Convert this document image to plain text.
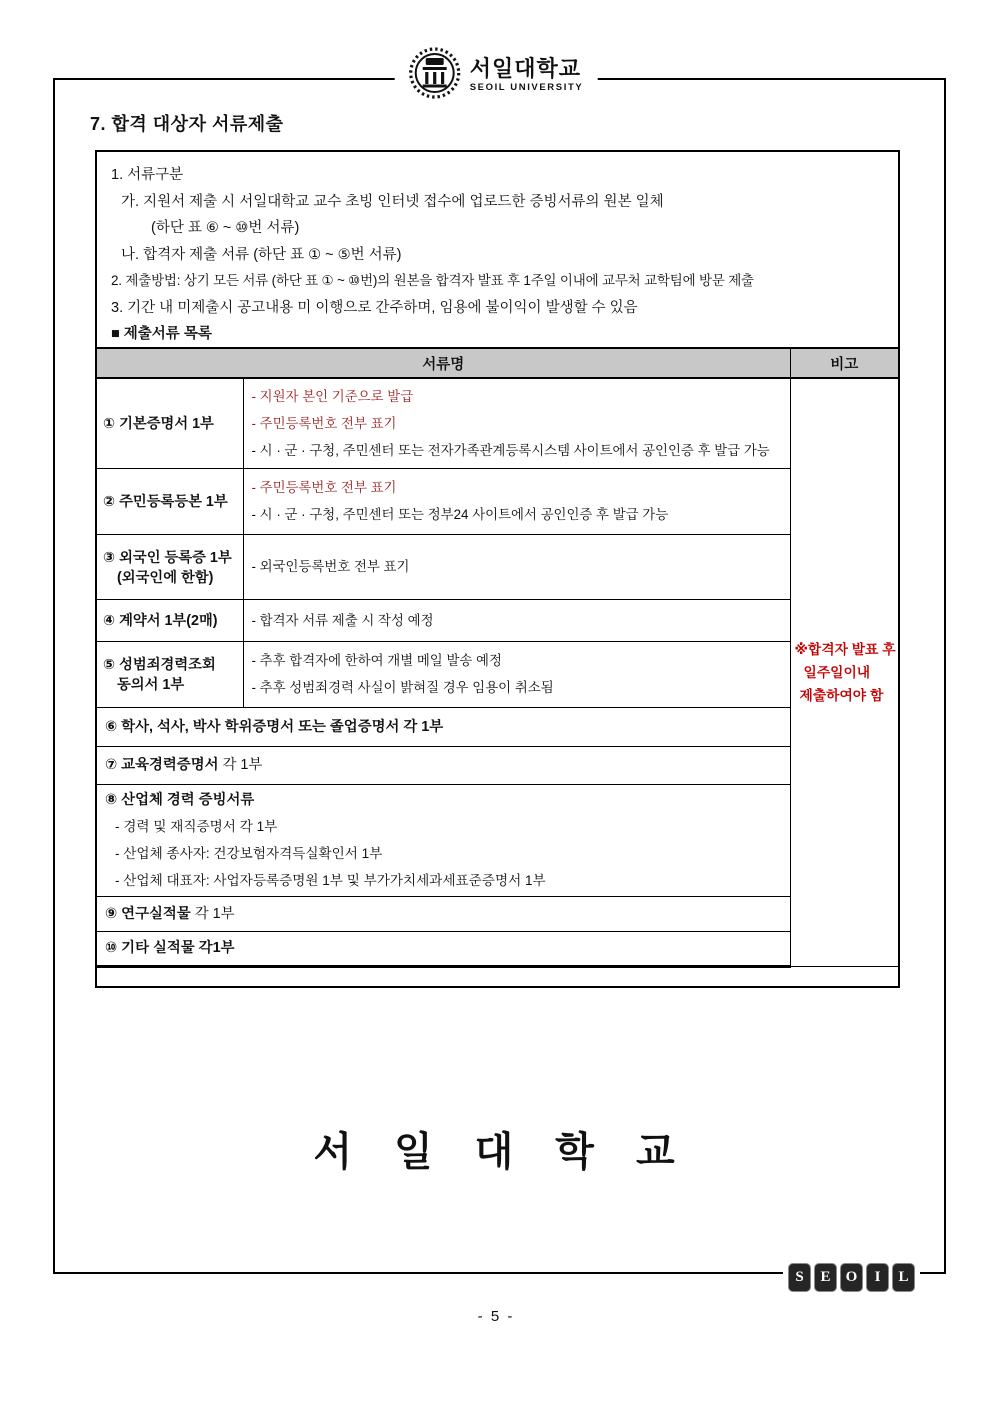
서일대학교
SEOIL UNIVERSITY
7. 합격 대상자 서류제출

1. 서류구분

가. 지원서 제출 시 서일대학교 교수 초빙 인터넷 접수에 업로드한 증빙서류의 원본 일체

(하단 표 ⑥ ~ ⑩번 서류)

나. 합격자 제출 서류 (하단 표 ① ~ ⑤번 서류)

2. 제출방법: 상기 모든 서류 (하단 표 ① ~ ⑩번)의 원본을 합격자 발표 후 1주일 이내에 교무처 교학팀에 방문 제출

3. 기간 내 미제출시 공고내용 미 이행으로 간주하며, 임용에 불이익이 발생할 수 있음

■ 제출서류 목록

서류명		비고

① 기본증명서 1부

- 지원자 본인 기준으로 발급
- 주민등록번호 전부 표기
- 시 · 군 · 구청, 주민센터 또는 전자가족관계등록시스템 사이트에서 공인인증 후 발급 가능

※합격자 발표 후
일주일이내
제출하여야 함

② 주민등록등본 1부	- 주민등록번호 전부 표기
- 시 · 군 · 구청, 주민센터 또는 정부24 사이트에서 공인인증 후 발급 가능	

③ 외국인 등록증 1부
(외국인에 한함)	- 외국인등록번호 전부 표기	

④ 계약서 1부(2매)	- 합격자 서류 제출 시 작성 예정	

⑤ 성범죄경력조회
동의서 1부

- 추후 합격자에 한하여 개별 메일 발송 예정
- 추후 성범죄경력 사실이 밝혀질 경우 임용이 취소됨

⑥ 학사, 석사, 박사 학위증명서 또는 졸업증명서 각 1부		

⑦ 교육경력증명서 각 1부		

⑧ 산업체 경력 증빙서류
- 경력 및 재직증명서 각 1부
- 산업체 종사자: 건강보험자격득실확인서 1부
- 산업체 대표자: 사업자등록증명원 1부 및 부가가치세과세표준증명서 1부		

⑨ 연구실적물 각 1부		

⑩ 기타 실적물 각1부		
서 일 대 학 교
S	E	O	I	L
- 5 -
